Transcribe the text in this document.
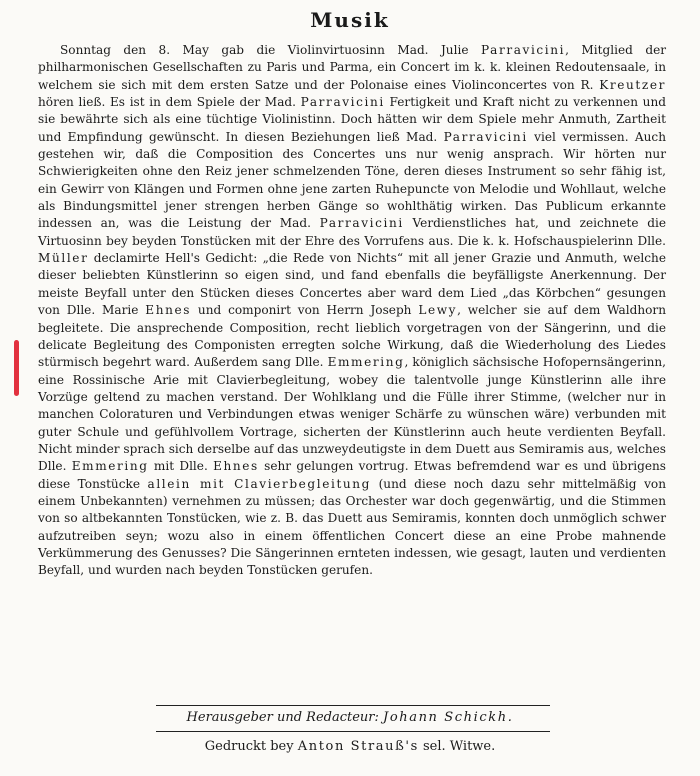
Musik

Sonntag den 8. May gab die Violinvirtuosinn Mad. Julie Parravicini, Mitglied der philharmonischen Gesellschaften zu Paris und Parma, ein Concert im k. k. kleinen Redoutensaale, in welchem sie sich mit dem ersten Satze und der Polonaise eines Violinconcertes von R. Kreutzer hören ließ. Es ist in dem Spiele der Mad. Parravicini Fertigkeit und Kraft nicht zu verkennen und sie bewährte sich als eine tüchtige Violinistinn. Doch hätten wir dem Spiele mehr Anmuth, Zartheit und Empfindung gewünscht. In diesen Beziehungen ließ Mad. Parravicini viel vermissen. Auch gestehen wir, daß die Composition des Concertes uns nur wenig ansprach. Wir hörten nur Schwierigkeiten ohne den Reiz jener schmelzenden Töne, deren dieses Instrument so sehr fähig ist, ein Gewirr von Klängen und Formen ohne jene zarten Ruhepuncte von Melodie und Wohllaut, welche als Bindungsmittel jener strengen herben Gänge so wohlthätig wirken. Das Publicum erkannte indessen an, was die Leistung der Mad. Parravicini Verdienstliches hat, und zeichnete die Virtuosinn bey beyden Tonstücken mit der Ehre des Vorrufens aus. Die k. k. Hofschauspielerinn Dlle. Müller declamirte Hell's Gedicht: „die Rede von Nichts“ mit all jener Grazie und Anmuth, welche dieser beliebten Künstlerinn so eigen sind, und fand ebenfalls die beyfälligste Anerkennung. Der meiste Beyfall unter den Stücken dieses Concertes aber ward dem Lied „das Körbchen“ gesungen von Dlle. Marie Ehnes und componirt von Herrn Joseph Lewy, welcher sie auf dem Waldhorn begleitete. Die ansprechende Composition, recht lieblich vorgetragen von der Sängerinn, und die delicate Begleitung des Componisten erregten solche Wirkung, daß die Wiederholung des Liedes stürmisch begehrt ward. Außerdem sang Dlle. Emmering, königlich sächsische Hofopernsängerinn, eine Rossinische Arie mit Clavierbegleitung, wobey die talentvolle junge Künstlerinn alle ihre Vorzüge geltend zu machen verstand. Der Wohlklang und die Fülle ihrer Stimme, (welcher nur in manchen Coloraturen und Verbindungen etwas weniger Schärfe zu wünschen wäre) verbunden mit guter Schule und gefühlvollem Vortrage, sicherten der Künstlerinn auch heute verdienten Beyfall. Nicht minder sprach sich derselbe auf das unzweydeutigste in dem Duett aus Semiramis aus, welches Dlle. Emmering mit Dlle. Ehnes sehr gelungen vortrug. Etwas befremdend war es und übrigens diese Tonstücke allein mit Clavierbegleitung (und diese noch dazu sehr mittelmäßig von einem Unbekannten) vernehmen zu müssen; das Orchester war doch gegenwärtig, und die Stimmen von so altbekannten Tonstücken, wie z. B. das Duett aus Semiramis, konnten doch unmöglich schwer aufzutreiben seyn; wozu also in einem öffentlichen Concert diese an eine Probe mahnende Verkümmerung des Genusses? Die Sängerinnen ernteten indessen, wie gesagt, lauten und verdienten Beyfall, und wurden nach beyden Tonstücken gerufen.

Herausgeber und Redacteur: Johann Schickh.
Gedruckt bey Anton Strauß's sel. Witwe.
